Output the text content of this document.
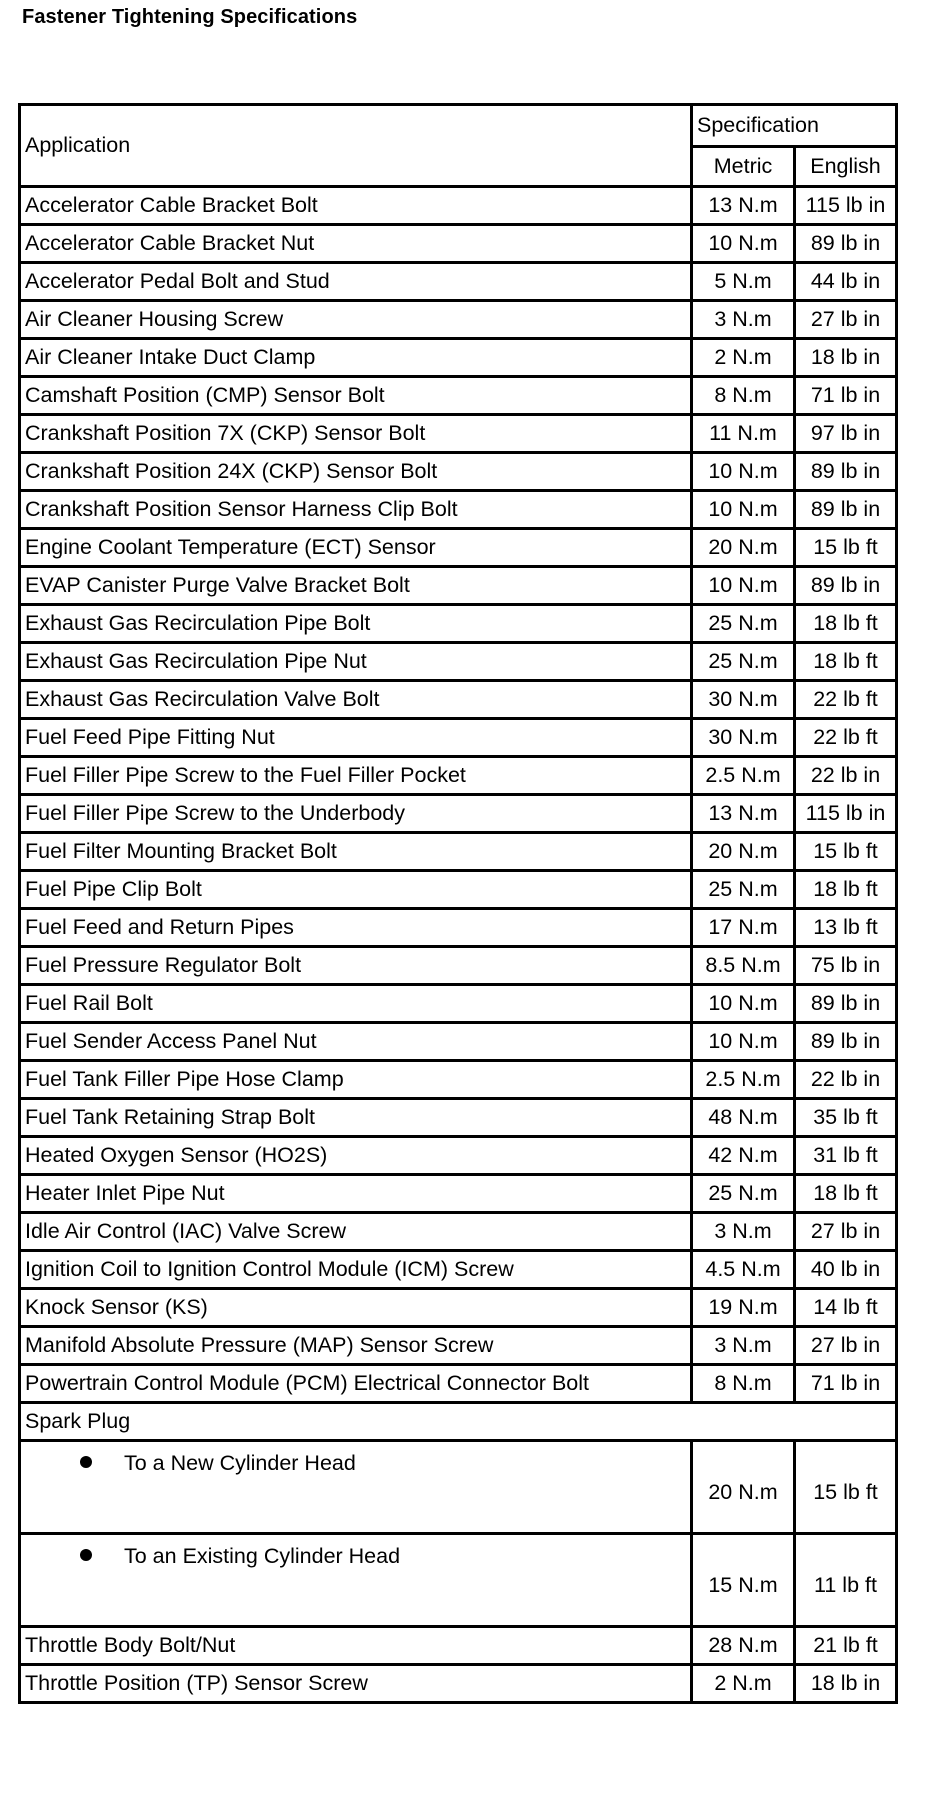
Fastener Tightening Specifications
Application	Specification	
	Metric	English
Accelerator Cable Bracket Bolt	13 N.m	115 lb in
Accelerator Cable Bracket Nut	10 N.m	89 lb in
Accelerator Pedal Bolt and Stud	5 N.m	44 lb in
Air Cleaner Housing Screw	3 N.m	27 lb in
Air Cleaner Intake Duct Clamp	2 N.m	18 lb in
Camshaft Position (CMP) Sensor Bolt	8 N.m	71 lb in
Crankshaft Position 7X (CKP) Sensor Bolt	11 N.m	97 lb in
Crankshaft Position 24X (CKP) Sensor Bolt	10 N.m	89 lb in
Crankshaft Position Sensor Harness Clip Bolt	10 N.m	89 lb in
Engine Coolant Temperature (ECT) Sensor	20 N.m	15 lb ft
EVAP Canister Purge Valve Bracket Bolt	10 N.m	89 lb in
Exhaust Gas Recirculation Pipe Bolt	25 N.m	18 lb ft
Exhaust Gas Recirculation Pipe Nut	25 N.m	18 lb ft
Exhaust Gas Recirculation Valve Bolt	30 N.m	22 lb ft
Fuel Feed Pipe Fitting Nut	30 N.m	22 lb ft
Fuel Filler Pipe Screw to the Fuel Filler Pocket	2.5 N.m	22 lb in
Fuel Filler Pipe Screw to the Underbody	13 N.m	115 lb in
Fuel Filter Mounting Bracket Bolt	20 N.m	15 lb ft
Fuel Pipe Clip Bolt	25 N.m	18 lb ft
Fuel Feed and Return Pipes	17 N.m	13 lb ft
Fuel Pressure Regulator Bolt	8.5 N.m	75 lb in
Fuel Rail Bolt	10 N.m	89 lb in
Fuel Sender Access Panel Nut	10 N.m	89 lb in
Fuel Tank Filler Pipe Hose Clamp	2.5 N.m	22 lb in
Fuel Tank Retaining Strap Bolt	48 N.m	35 lb ft
Heated Oxygen Sensor (HO2S)	42 N.m	31 lb ft
Heater Inlet Pipe Nut	25 N.m	18 lb ft
Idle Air Control (IAC) Valve Screw	3 N.m	27 lb in
Ignition Coil to Ignition Control Module (ICM) Screw	4.5 N.m	40 lb in
Knock Sensor (KS)	19 N.m	14 lb ft
Manifold Absolute Pressure (MAP) Sensor Screw	3 N.m	27 lb in
Powertrain Control Module (PCM) Electrical Connector Bolt	8 N.m	71 lb in
Spark Plug		
To a New Cylinder Head	20 N.m	15 lb ft
To an Existing Cylinder Head	15 N.m	11 lb ft
Throttle Body Bolt/Nut	28 N.m	21 lb ft
Throttle Position (TP) Sensor Screw	2 N.m	18 lb in
